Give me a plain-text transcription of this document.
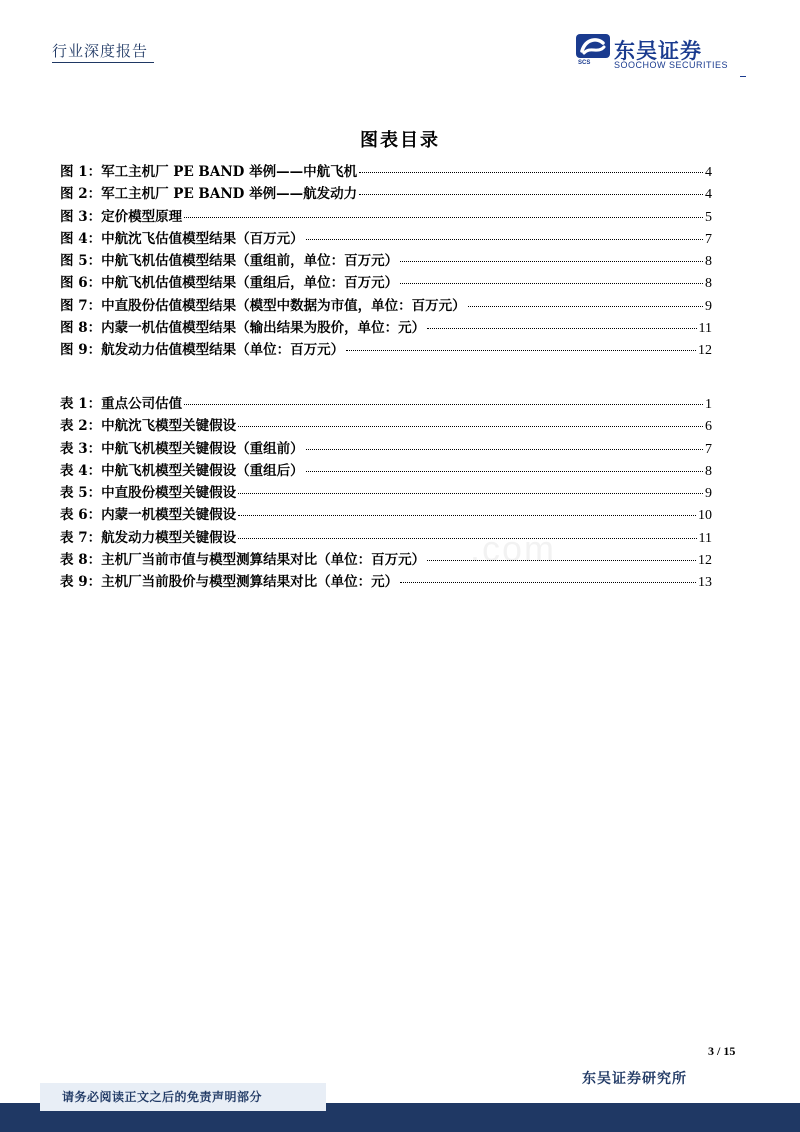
行业深度报告
SCS 东吴证券
SOOCHOW SECURITIES
图表目录
图 1：军工主机厂 PE BAND 举例——中航飞机	4
图 2：军工主机厂 PE BAND 举例——航发动力	4
图 3：定价模型原理	5
图 4：中航沈飞估值模型结果（百万元）	7
图 5：中航飞机估值模型结果（重组前，单位：百万元）	8
图 6：中航飞机估值模型结果（重组后，单位：百万元）	8
图 7：中直股份估值模型结果（模型中数据为市值，单位：百万元）	9
图 8：内蒙一机估值模型结果（输出结果为股价，单位：元）	11
图 9：航发动力估值模型结果（单位：百万元）	12
表 1：重点公司估值	1
表 2：中航沈飞模型关键假设	6
表 3：中航飞机模型关键假设（重组前）	7
表 4：中航飞机模型关键假设（重组后）	8
表 5：中直股份模型关键假设	9
表 6：内蒙一机模型关键假设	10
表 7：航发动力模型关键假设	11
表 8：主机厂当前市值与模型测算结果对比（单位：百万元）	12
表 9：主机厂当前股价与模型测算结果对比（单位：元）	13
.com
3 / 15
东吴证券研究所
请务必阅读正文之后的免责声明部分
